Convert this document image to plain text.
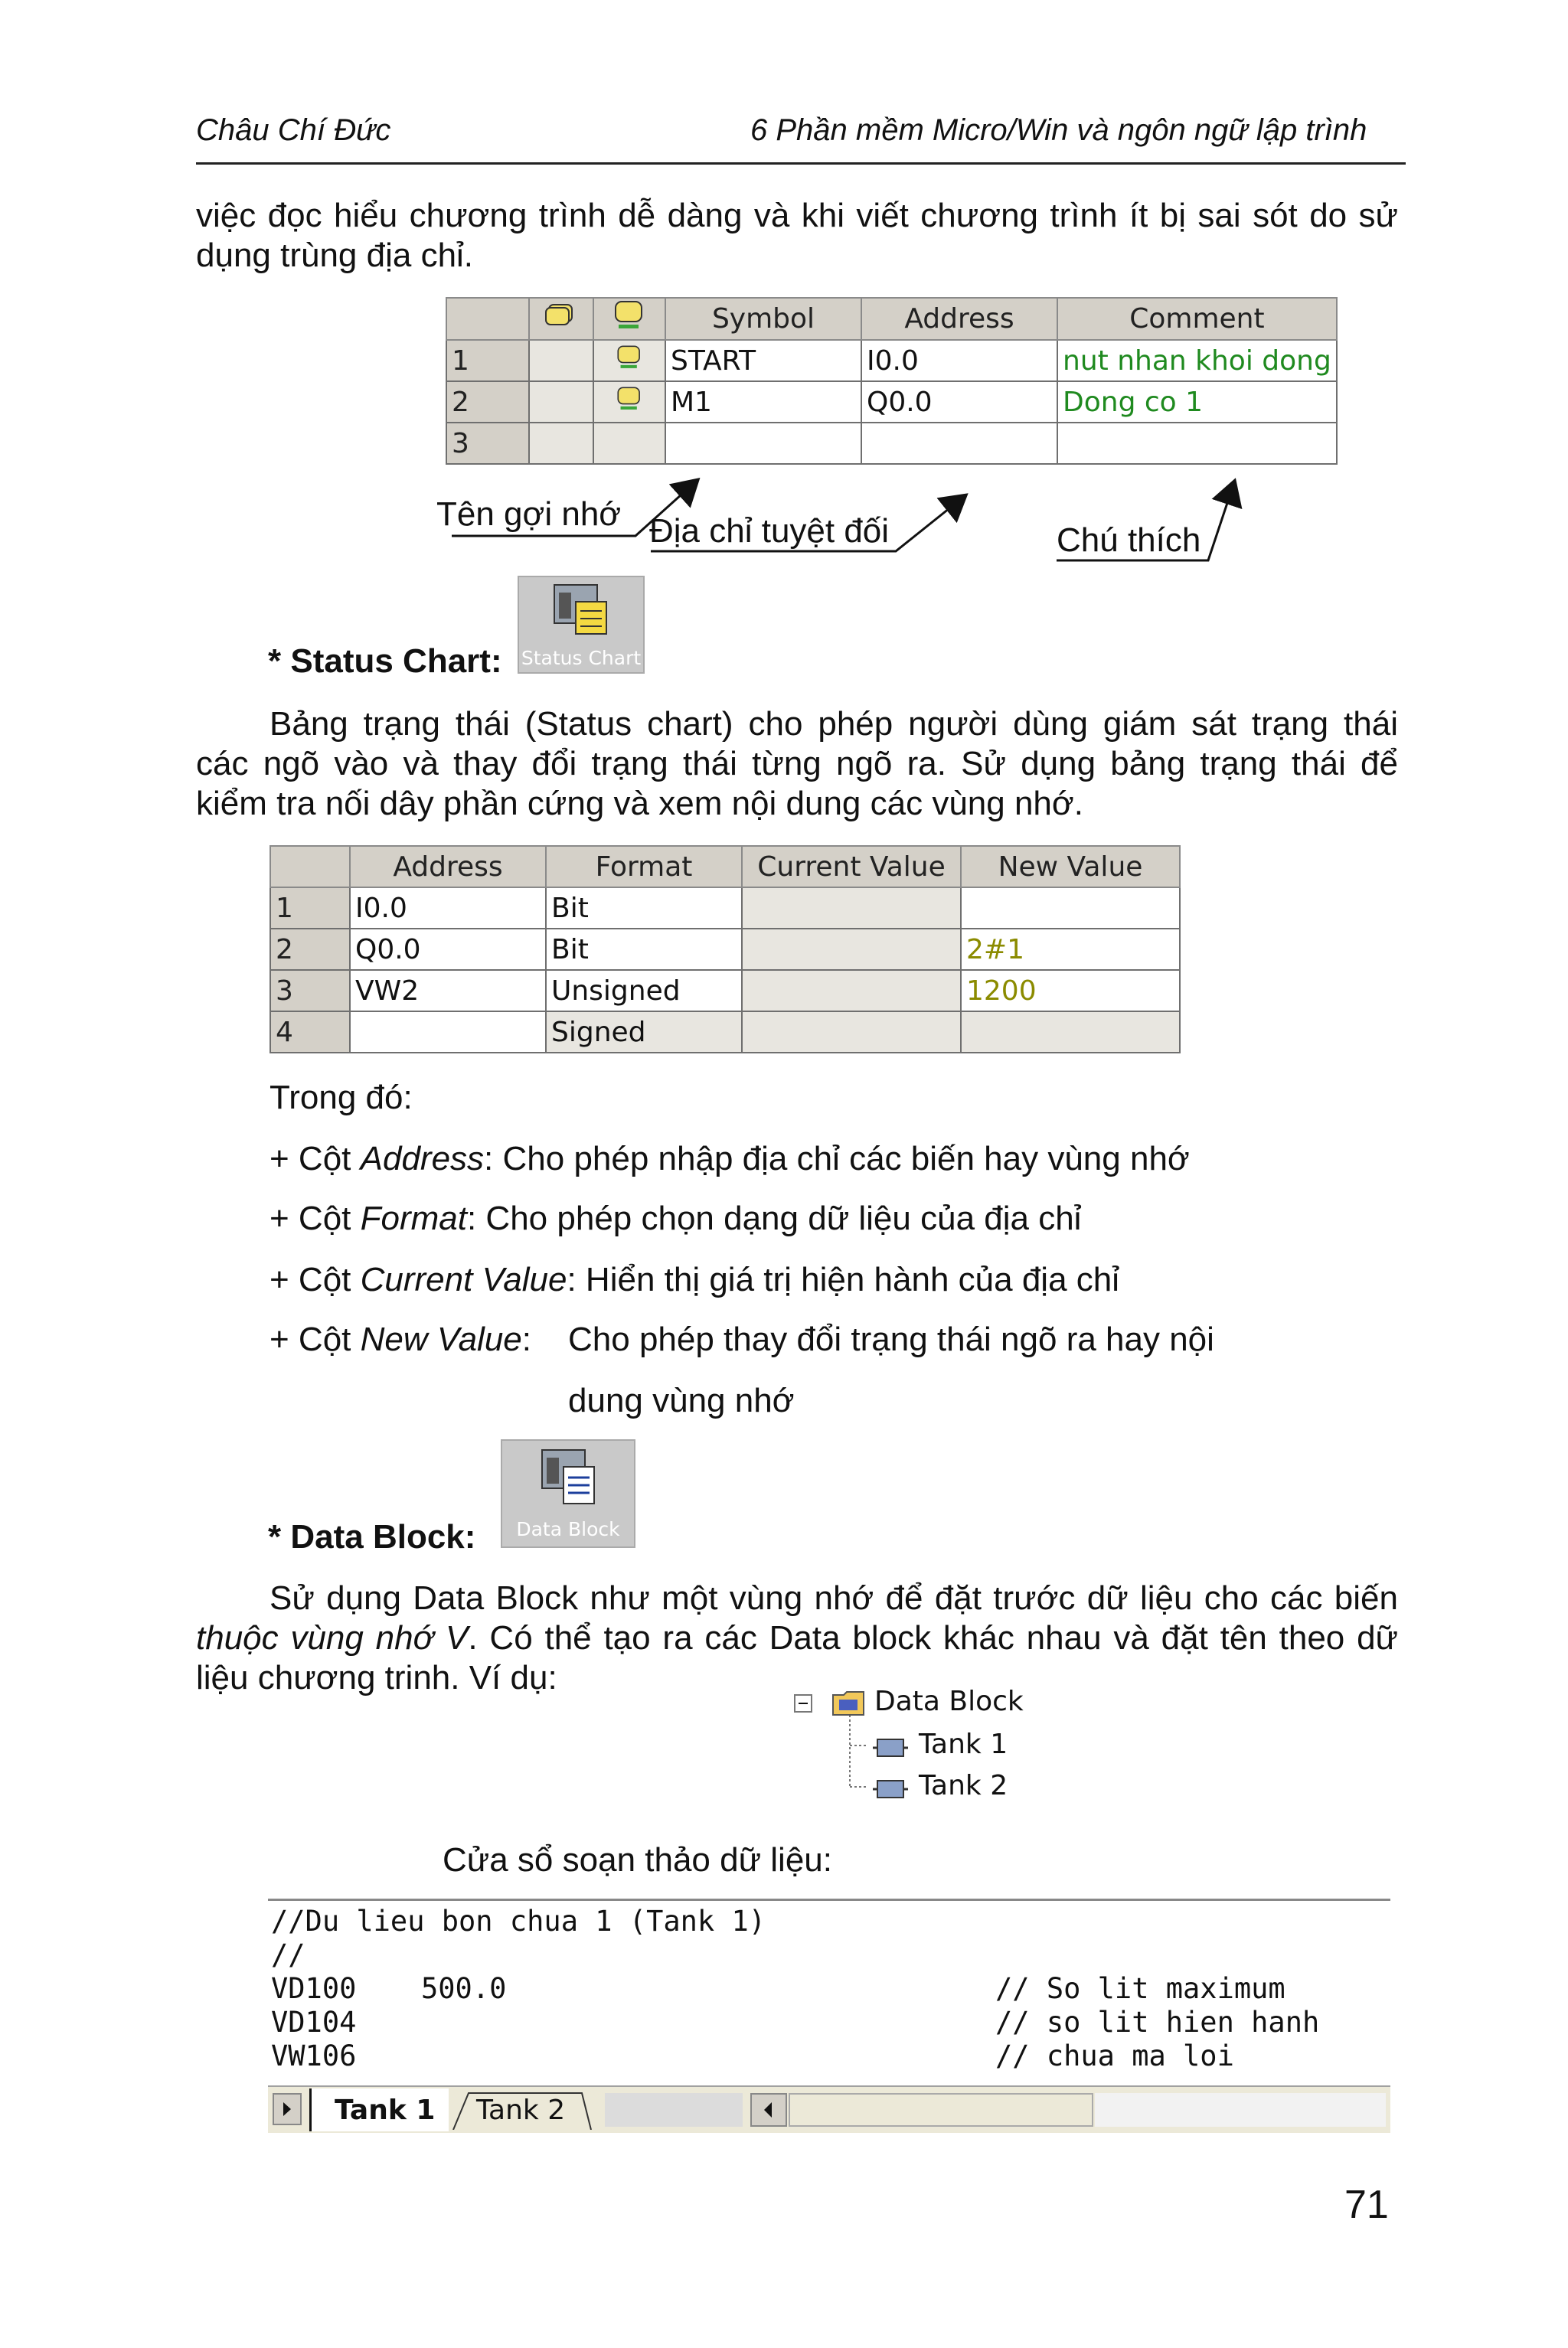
Châu Chí Đức	6 Phần mềm Micro/Win và ngôn ngữ lập trình
việc đọc hiểu chương trình dễ dàng và khi viết chương trình ít bị sai sót do sử
dụng trùng địa chỉ.
			Symbol	Address	Comment
1			START	I0.0	nut nhan khoi dong
2			M1	Q0.0	Dong co 1
3					
Tên gợi nhớ Địa chỉ tuyệt đối	Chú thích
* Status Chart: Status Chart
Bảng trạng thái (Status chart) cho phép người dùng giám sát trạng thái
các ngõ vào và thay đổi trạng thái từng ngõ ra. Sử dụng bảng trạng thái để
kiểm tra nối dây phần cứng và xem nội dung các vùng nhớ.
	Address	Format	Current Value	New Value
1	I0.0	Bit		
2	Q0.0	Bit		2#1
3	VW2	Unsigned		1200
4		Signed		
Trong đó:
+ Cột Address: Cho phép nhập địa chỉ các biến hay vùng nhớ
+ Cột Format: Cho phép chọn dạng dữ liệu của địa chỉ
+ Cột Current Value: Hiển thị giá trị hiện hành của địa chỉ
+ Cột New Value: Cho phép thay đổi trạng thái ngõ ra hay nội
dung vùng nhớ
* Data Block:	Data Block
Sử dụng Data Block như một vùng nhớ để đặt trước dữ liệu cho các biến
thuộc vùng nhớ V. Có thể tạo ra các Data block khác nhau và đặt tên theo dữ
liệu chương trinh. Ví dụ:
Data Block
Tank 1
Tank 2
Cửa sổ soạn thảo dữ liệu:
//Du lieu bon chua 1 (Tank 1)
//
VD100 500.0	// So lit maximum
VD104	// so lit hien hanh
VW106	// chua ma loi
Tank 1 Tank 2
71
